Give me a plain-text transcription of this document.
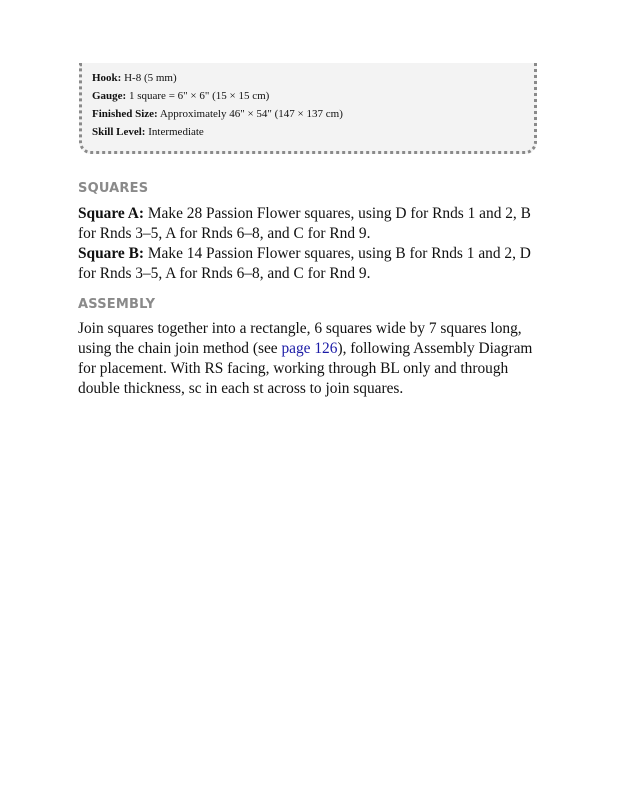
Hook: H-8 (5 mm)
Gauge: 1 square = 6" × 6" (15 × 15 cm)
Finished Size: Approximately 46" × 54" (147 × 137 cm)
Skill Level: Intermediate
SQUARES

Square A: Make 28 Passion Flower squares, using D for Rnds 1 and 2, B for Rnds 3–5, A for Rnds 6–8, and C for Rnd 9.

Square B: Make 14 Passion Flower squares, using B for Rnds 1 and 2, D for Rnds 3–5, A for Rnds 6–8, and C for Rnd 9.

ASSEMBLY

Join squares together into a rectangle, 6 squares wide by 7 squares long, using the chain join method (see page 126), following Assembly Diagram for placement. With RS facing, working through BL only and through double thickness, sc in each st across to join squares.
